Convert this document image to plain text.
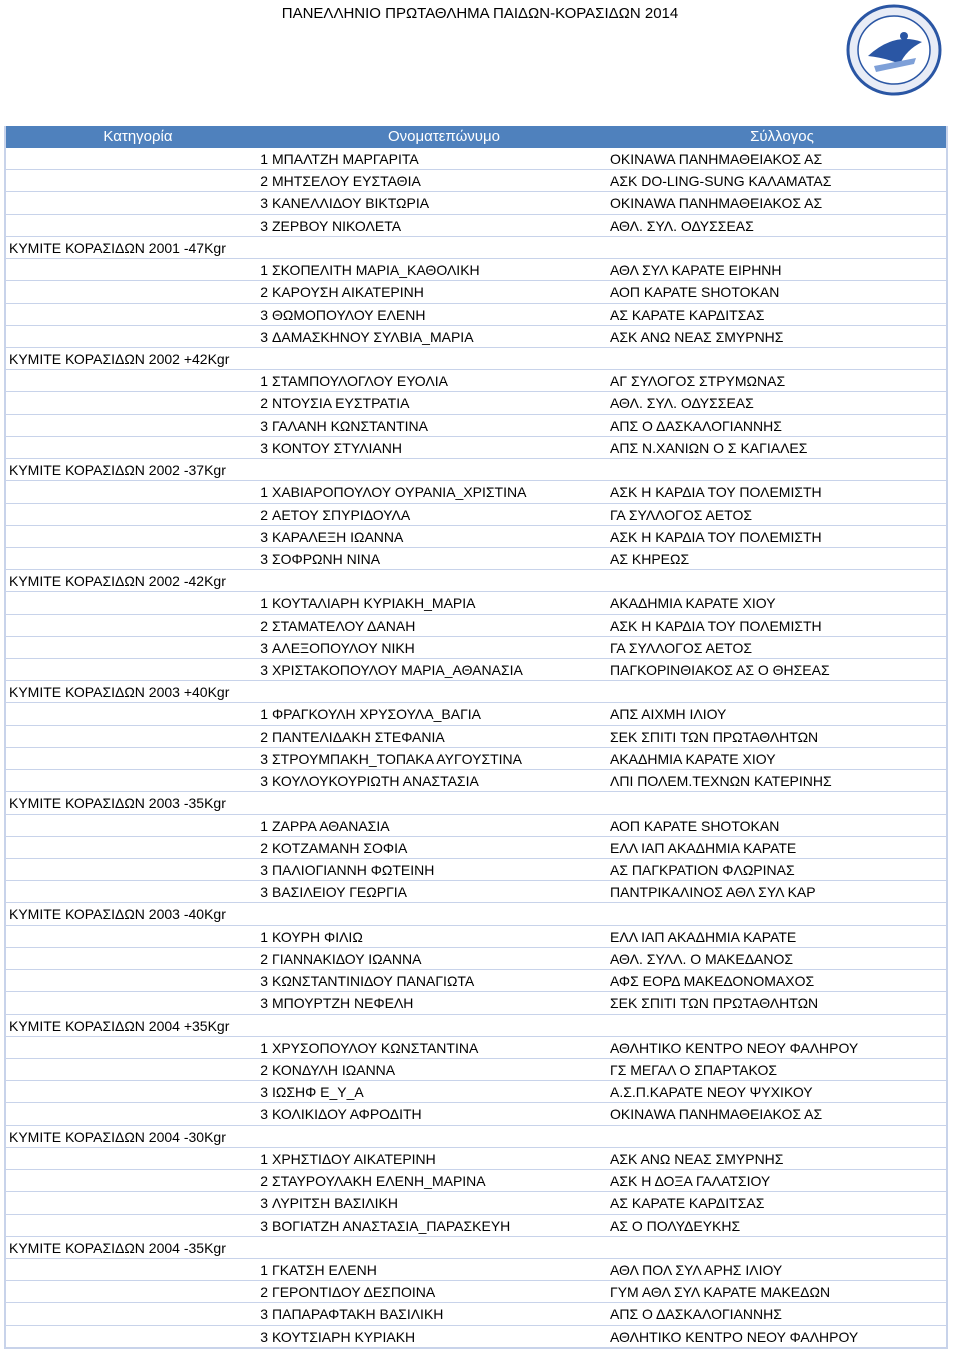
ΠΑΝΕΛΛΗΝΙΟ ΠΡΩΤΑΘΛΗΜΑ ΠΑΙΔΩΝ-ΚΟΡΑΣΙΔΩΝ 2014
Κατηγορία	Ονοματεπώνυμο	Σύλλογος
1 ΜΠΑΛΤΖΗ ΜΑΡΓΑΡΙΤΑ	ΟΚΙΝΑWA ΠΑΝΗΜΑΘΕΙΑΚΟΣ ΑΣ
2 ΜΗΤΣΕΛΟΥ ΕΥΣΤΑΘΙΑ	ΑΣΚ DO-LING-SUNG ΚΑΛΑΜΑΤΑΣ
3 ΚΑΝΕΛΛΙΔΟΥ ΒΙΚΤΩΡΙΑ	ΟΚΙΝΑWA ΠΑΝΗΜΑΘΕΙΑΚΟΣ ΑΣ
3 ΖΕΡΒΟΥ ΝΙΚΟΛΕΤΑ	ΑΘΛ. ΣΥΛ. ΟΔΥΣΣΕΑΣ
ΚΥΜΙΤΕ ΚΟΡΑΣΙΔΩΝ 2001 -47Kgr
1 ΣΚΟΠΕΛΙΤΗ ΜΑΡΙΑ_ΚΑΘΟΛΙΚΗ	ΑΘΛ ΣΥΛ ΚΑΡΑΤΕ ΕΙΡΗΝΗ
2 ΚΑΡΟΥΣΗ ΑΙΚΑΤΕΡΙΝΗ	ΑΟΠ ΚΑΡΑΤΕ SHOTOKAN
3 ΘΩΜΟΠΟΥΛΟΥ ΕΛΕΝΗ	ΑΣ ΚΑΡΑΤΕ ΚΑΡΔΙΤΣΑΣ
3 ΔΑΜΑΣΚΗΝΟΥ ΣΥΛΒΙΑ_ΜΑΡΙΑ	ΑΣΚ ΑΝΩ ΝΕΑΣ ΣΜΥΡΝΗΣ
ΚΥΜΙΤΕ ΚΟΡΑΣΙΔΩΝ 2002 +42Kgr
1 ΣΤΑΜΠΟΥΛΟΓΛΟΥ ΕΥΟΛΙΑ	ΑΓ ΣΥΛΟΓΟΣ ΣΤΡΥΜΩΝΑΣ
2 ΝΤΟΥΣΙΑ ΕΥΣΤΡΑΤΙΑ	ΑΘΛ. ΣΥΛ. ΟΔΥΣΣΕΑΣ
3 ΓΑΛΑΝΗ ΚΩΝΣΤΑΝΤΙΝΑ	ΑΠΣ Ο ΔΑΣΚΑΛΟΓΙΑΝΝΗΣ
3 ΚΟΝΤΟΥ ΣΤΥΛΙΑΝΗ	ΑΠΣ Ν.ΧΑΝΙΩΝ Ο Σ ΚΑΓΙΑΛΕΣ
ΚΥΜΙΤΕ ΚΟΡΑΣΙΔΩΝ 2002 -37Kgr
1 ΧΑΒΙΑΡΟΠΟΥΛΟΥ ΟΥΡΑΝΙΑ_ΧΡΙΣΤΙΝΑ	ΑΣΚ Η ΚΑΡΔΙΑ ΤΟΥ ΠΟΛΕΜΙΣΤΗ
2 ΑΕΤΟΥ ΣΠΥΡΙΔΟΥΛΑ	ΓΑ ΣΥΛΛΟΓΟΣ ΑΕΤΟΣ
3 ΚΑΡΑΛΕΞΗ ΙΩΑΝΝΑ	ΑΣΚ Η ΚΑΡΔΙΑ ΤΟΥ ΠΟΛΕΜΙΣΤΗ
3 ΣΟΦΡΩΝΗ ΝΙΝΑ	ΑΣ ΚΗΡΕΩΣ
ΚΥΜΙΤΕ ΚΟΡΑΣΙΔΩΝ 2002 -42Kgr
1 ΚΟΥΤΑΛΙΑΡΗ ΚΥΡΙΑΚΗ_ΜΑΡΙΑ	ΑΚΑΔΗΜΙΑ ΚΑΡΑΤΕ ΧΙΟΥ
2 ΣΤΑΜΑΤΕΛΟΥ ΔΑΝΑΗ	ΑΣΚ Η ΚΑΡΔΙΑ ΤΟΥ ΠΟΛΕΜΙΣΤΗ
3 ΑΛΕΞΟΠΟΥΛΟΥ ΝΙΚΗ	ΓΑ ΣΥΛΛΟΓΟΣ ΑΕΤΟΣ
3 ΧΡΙΣΤΑΚΟΠΟΥΛΟΥ ΜΑΡΙΑ_ΑΘΑΝΑΣΙΑ	ΠΑΓΚΟΡΙΝΘΙΑΚΟΣ ΑΣ Ο ΘΗΣΕΑΣ
ΚΥΜΙΤΕ ΚΟΡΑΣΙΔΩΝ 2003 +40Kgr
1 ΦΡΑΓΚΟΥΛΗ ΧΡΥΣΟΥΛΑ_ΒΑΓΙΑ	ΑΠΣ ΑΙΧΜΗ ΙΛΙΟΥ
2 ΠΑΝΤΕΛΙΔΑΚΗ ΣΤΕΦΑΝΙΑ	ΣΕΚ ΣΠΙΤΙ ΤΩΝ ΠΡΩΤΑΘΛΗΤΩΝ
3 ΣΤΡΟΥΜΠΑΚΗ_ΤΟΠΑΚΑ ΑΥΓΟΥΣΤΙΝΑ	ΑΚΑΔΗΜΙΑ ΚΑΡΑΤΕ ΧΙΟΥ
3 ΚΟΥΛΟΥΚΟΥΡΙΩΤΗ ΑΝΑΣΤΑΣΙΑ	ΛΠΙ ΠΟΛΕΜ.ΤΕΧΝΩΝ ΚΑΤΕΡΙΝΗΣ
ΚΥΜΙΤΕ ΚΟΡΑΣΙΔΩΝ 2003 -35Kgr
1 ΖΑΡΡΑ ΑΘΑΝΑΣΙΑ	ΑΟΠ ΚΑΡΑΤΕ SHOTOKAN
2 ΚΟΤΖΑΜΑΝΗ ΣΟΦΙΑ	ΕΛΛ ΙΑΠ ΑΚΑΔΗΜΙΑ ΚΑΡΑΤΕ
3 ΠΑΛΙΟΓΙΑΝΝΗ ΦΩΤΕΙΝΗ	ΑΣ ΠΑΓΚΡΑΤΙΟΝ ΦΛΩΡΙΝΑΣ
3 ΒΑΣΙΛΕΙΟΥ ΓΕΩΡΓΙΑ	ΠΑΝΤΡΙΚΑΛΙΝΟΣ ΑΘΛ ΣΥΛ ΚΑΡ
ΚΥΜΙΤΕ ΚΟΡΑΣΙΔΩΝ 2003 -40Kgr
1 ΚΟΥΡΗ ΦΙΛΙΩ	ΕΛΛ ΙΑΠ ΑΚΑΔΗΜΙΑ ΚΑΡΑΤΕ
2 ΓΙΑΝΝΑΚΙΔΟΥ ΙΩΑΝΝΑ	ΑΘΛ. ΣΥΛΛ. Ο ΜΑΚΕΔΑΝΟΣ
3 ΚΩΝΣΤΑΝΤΙΝΙΔΟΥ ΠΑΝΑΓΙΩΤΑ	ΑΦΣ ΕΟΡΔ ΜΑΚΕΔΟΝΟΜΑΧΟΣ
3 ΜΠΟΥΡΤΖΗ ΝΕΦΕΛΗ	ΣΕΚ ΣΠΙΤΙ ΤΩΝ ΠΡΩΤΑΘΛΗΤΩΝ
ΚΥΜΙΤΕ ΚΟΡΑΣΙΔΩΝ 2004 +35Kgr
1 ΧΡΥΣΟΠΟΥΛΟΥ ΚΩΝΣΤΑΝΤΙΝΑ	ΑΘΛΗΤΙΚΟ ΚΕΝΤΡΟ ΝΕΟΥ ΦΑΛΗΡΟΥ
2 ΚΟΝΔΥΛΗ ΙΩΑΝΝΑ	ΓΣ ΜΕΓΑΛ Ο ΣΠΑΡΤΑΚΟΣ
3 ΙΩΣΗΦ Ε_Υ_Α	Α.Σ.Π.ΚΑΡΑΤΕ ΝΕΟΥ ΨΥΧΙΚΟΥ
3 ΚΟΛΙΚΙΔΟΥ ΑΦΡΟΔΙΤΗ	ΟΚΙΝΑWA ΠΑΝΗΜΑΘΕΙΑΚΟΣ ΑΣ
ΚΥΜΙΤΕ ΚΟΡΑΣΙΔΩΝ 2004 -30Kgr
1 ΧΡΗΣΤΙΔΟΥ ΑΙΚΑΤΕΡΙΝΗ	ΑΣΚ ΑΝΩ ΝΕΑΣ ΣΜΥΡΝΗΣ
2 ΣΤΑΥΡΟΥΛΑΚΗ ΕΛΕΝΗ_ΜΑΡΙΝΑ	ΑΣΚ Η ΔΟΞΑ ΓΑΛΑΤΣΙΟΥ
3 ΛΥΡΙΤΣΗ ΒΑΣΙΛΙΚΗ	ΑΣ ΚΑΡΑΤΕ ΚΑΡΔΙΤΣΑΣ
3 ΒΟΓΙΑΤΖΗ ΑΝΑΣΤΑΣΙΑ_ΠΑΡΑΣΚΕΥΗ	ΑΣ Ο ΠΟΛΥΔΕΥΚΗΣ
ΚΥΜΙΤΕ ΚΟΡΑΣΙΔΩΝ 2004 -35Kgr
1 ΓΚΑΤΣΗ ΕΛΕΝΗ	ΑΘΛ ΠΟΛ ΣΥΛ ΑΡΗΣ ΙΛΙΟΥ
2 ΓΕΡΟΝΤΙΔΟΥ ΔΕΣΠΟΙΝΑ	ΓΥΜ ΑΘΛ ΣΥΛ ΚΑΡΑΤΕ ΜΑΚΕΔΩΝ
3 ΠΑΠΑΡΑΦΤΑΚΗ ΒΑΣΙΛΙΚΗ	ΑΠΣ Ο ΔΑΣΚΑΛΟΓΙΑΝΝΗΣ
3 ΚΟΥΤΣΙΑΡΗ ΚΥΡΙΑΚΗ	ΑΘΛΗΤΙΚΟ ΚΕΝΤΡΟ ΝΕΟΥ ΦΑΛΗΡΟΥ
